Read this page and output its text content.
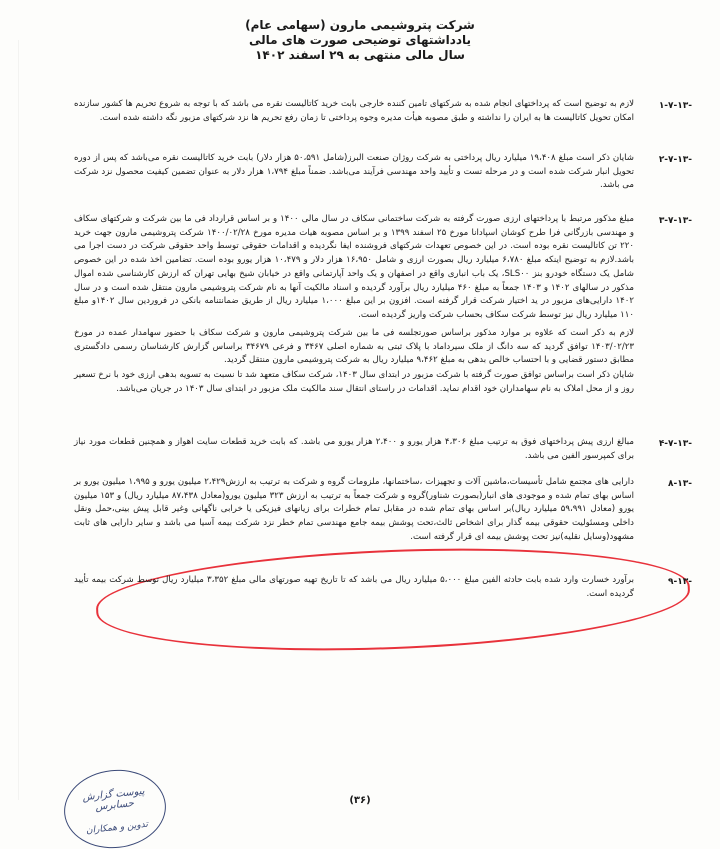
شرکت پتروشیمی مارون (سهامی عام)
یادداشتهای توضیحی صورت های مالی
سال مالی منتهی به ۲۹ اسفند ۱۴۰۲
۱-۷-۱۳-
لازم به توضیح است که پرداختهای انجام شده به شرکتهای تامین کننده خارجی بابت خرید کاتالیست نقره می باشد که با توجه به شروع تحریم ها کشور سازنده امکان تحویل کاتالیست ها به ایران را نداشته و طبق مصوبه هیأت مدیره وجوه پرداختی تا زمان رفع تحریم ها نزد شرکتهای مزبور نگه داشته شده است.
۲-۷-۱۳-
شایان ذکر است مبلغ ۱۹،۴۰۸ میلیارد ریال پرداختی به شرکت روژان صنعت البرز(شامل ۵۰،۵۹۱ هزار دلار) بابت خرید کاتالیست نقره می‌باشد که پس از دوره تحویل انبار شرکت شده است و در مرحله تست و تأیید واحد مهندسی فرآیند می‌باشد. ضمناً مبلغ ۱،۷۹۴ هزار دلار به عنوان تضمین کیفیت محصول نزد شرکت می باشد.
۳-۷-۱۳-
مبلغ مذکور مرتبط با پرداختهای ارزی صورت گرفته به شرکت ساختمانی سکاف در سال مالی ۱۴۰۰ و بر اساس قرارداد فی ما بین شرکت و شرکتهای سکاف و مهندسی بازرگانی فرا طرح کوشان اسپادانا مورخ ۲۵ اسفند ۱۳۹۹ و بر اساس مصوبه هیات مدیره مورخ ۱۴۰۰/۰۲/۲۸ شرکت پتروشیمی مارون جهت خرید ۲۲۰ تن کاتالیست نقره بوده است. در این خصوص تعهدات شرکتهای فروشنده ایفا نگردیده و اقدامات حقوقی توسط واحد حقوقی شرکت در دست اجرا می باشد.لازم به توضیح اینکه مبلغ ۶،۷۸۰ میلیارد ریال بصورت ارزی و شامل ۱۶،۹۵۰ هزار دلار و ۱۰،۴۷۹ هزار یورو بوده است. تضامین اخذ شده در این خصوص شامل یک دستگاه خودرو بنز SLS۰۰، یک باب انباری واقع در اصفهان و یک واحد آپارتمانی واقع در خیابان شیخ بهایی تهران که ارزش کارشناسی شده اموال مذکور در سالهای ۱۴۰۲ و ۱۴۰۳ جمعاً به مبلغ ۴۶۰ میلیارد ریال برآورد گردیده و اسناد مالکیت آنها به نام شرکت پتروشیمی مارون منتقل شده است و در سال ۱۴۰۲ دارایی‌های مزبور در ید اختیار شرکت قرار گرفته است. افزون بر این مبلغ ۱،۰۰۰ میلیارد ریال از طریق ضمانتنامه بانکی در فروردین سال ۱۴۰۲و مبلغ ۱۱۰ میلیارد ریال نیز توسط شرکت سکاف بحساب شرکت واریز گردیده است.
لازم به ذکر است که علاوه بر موارد مذکور براساس صورتجلسه فی ما بین شرکت پتروشیمی مارون و شرکت سکاف با حضور سهامدار عمده در مورخ ۱۴۰۳/۰۲/۲۳ توافق گردید که سه دانگ از ملک سیرداماد با پلاک ثبتی به شماره اصلی ۳۴۶۷ و فرعی ۳۴۶۷۹ براساس گزارش کارشناسان رسمی دادگستری مطابق دستور قضایی و با احتساب خالص بدهی به مبلغ ۹،۴۶۲ میلیارد ریال به شرکت پتروشیمی مارون منتقل گردید.
شایان ذکر است براساس توافق صورت گرفته با شرکت مزبور در ابتدای سال ۱۴۰۳، شرکت سکاف متعهد شد تا نسبت به تسویه بدهی ارزی خود با نرخ تسعیر روز و از محل املاک به نام سهامداران خود اقدام نماید. اقدامات در راستای انتقال سند مالکیت ملک مزبور در ابتدای سال ۱۴۰۳ در جریان می‌باشد.
۴-۷-۱۳-
مبالغ ارزی پیش پرداختهای فوق به ترتیب مبلغ ۴،۳۰۶ هزار یورو و ۲،۴۰۰ هزار یورو می باشد. که بابت خرید قطعات سایت اهواز و همچنین قطعات مورد نیاز برای کمپرسور الفین می باشد.
۸-۱۳-
دارایی های مجتمع شامل تأسیسات،ماشین آلات و تجهیزات ،ساختمانها، ملزومات گروه و شرکت به ترتیب به ارزش۲،۴۲۹ میلیون یورو و ۱،۹۹۵ میلیون یورو بر اساس بهای تمام شده و موجودی های انبار(بصورت شناور)گروه و شرکت جمعاً به ترتیب به ارزش ۳۲۳ میلیون یورو(معادل ۸۷،۴۳۸ میلیارد ریال) و ۱۵۳ میلیون یورو (معادل ۵۹،۹۹۱ میلیارد ریال)بر اساس بهای تمام شده در مقابل تمام خطرات برای زیانهای فیزیکی یا خرابی ناگهانی وغیر قابل پیش بینی،حمل ونقل داخلی ومسئولیت حقوقی بیمه گذار برای اشخاص ثالث،تحت پوشش بیمه جامع مهندسی تمام خطر نزد شرکت بیمه آسیا می باشد و سایر دارایی های ثابت مشهود(وسایل نقلیه)نیز تحت پوشش بیمه ای قرار گرفته است.
۹-۱۳-
برآورد خسارت وارد شده بابت حادثه الفین مبلغ ۵،۰۰۰ میلیارد ریال می باشد که تا تاریخ تهیه صورتهای مالی مبلغ ۳،۳۵۲ میلیارد ریال توسط شرکت بیمه تأیید گردیده است.
(۳۶)
پیوست گزارش حسابرس
تدوین و همکاران
